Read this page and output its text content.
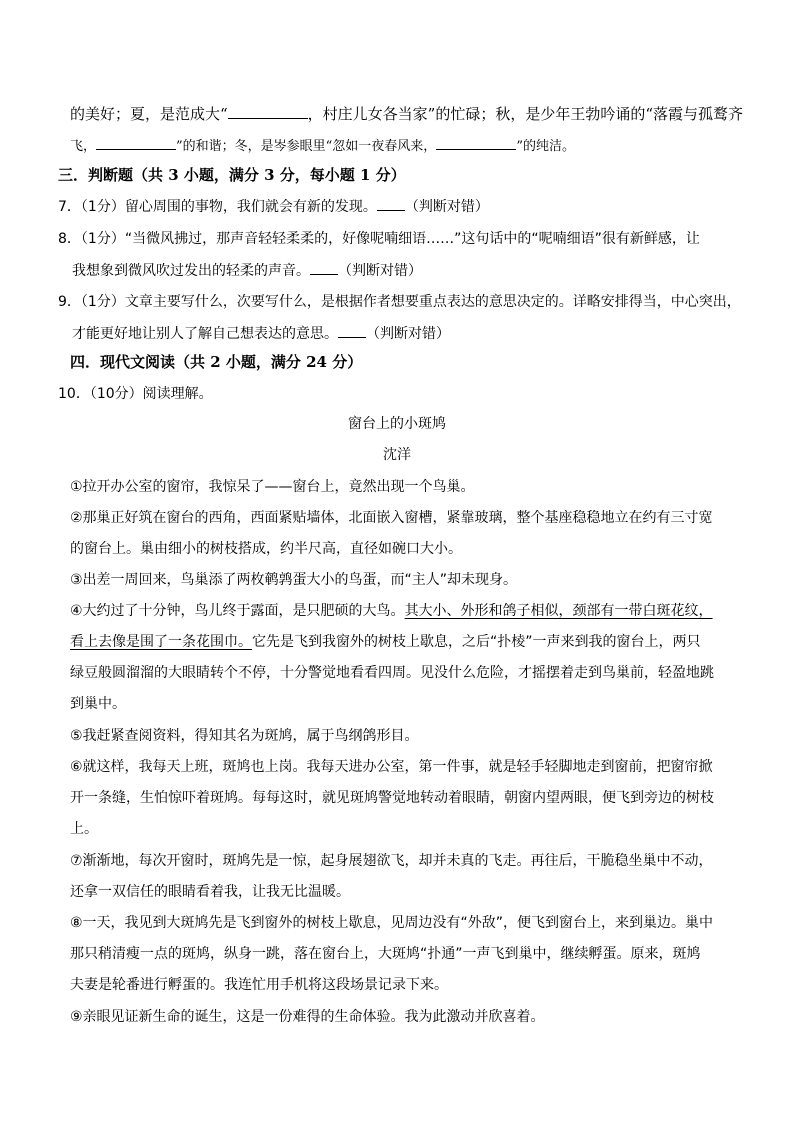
的美好；夏，是范成大“	，村庄儿女各当家”的忙碌；秋，是少年王勃吟诵的“落霞与孤鹜齐
飞，	”的和谐；冬，是岑参眼里“忽如一夜春风来，	”的纯洁。
三．判断题（共 3 小题，满分 3 分，每小题 1 分）
7．（1分）留心周围的事物，我们就会有新的发现。 （判断对错）
8．（1分）“当微风拂过，那声音轻轻柔柔的，好像呢喃细语……”这句话中的“呢喃细语”很有新鲜感，让
我想象到微风吹过发出的轻柔的声音。 （判断对错）
9．（1分）文章主要写什么，次要写什么，是根据作者想要重点表达的意思决定的。详略安排得当，中心突出，
才能更好地让别人了解自己想表达的意思。 （判断对错）
四．现代文阅读（共 2 小题，满分 24 分）
10．（10分）阅读理解。
窗台上的小斑鸠
沈洋
①拉开办公室的窗帘，我惊呆了——窗台上，竟然出现一个鸟巢。
②那巢正好筑在窗台的西角，西面紧贴墙体，北面嵌入窗槽，紧靠玻璃，整个基座稳稳地立在约有三寸宽
的窗台上。巢由细小的树枝搭成，约半尺高，直径如碗口大小。
③出差一周回来，鸟巢添了两枚鹌鹑蛋大小的鸟蛋，而“主人”却未现身。
④大约过了十分钟，鸟儿终于露面，是只肥硕的大鸟。其大小、外形和鸽子相似，颈部有一带白斑花纹，
看上去像是围了一条花围巾。它先是飞到我窗外的树枝上歇息，之后“扑棱”一声来到我的窗台上，两只
绿豆般圆溜溜的大眼睛转个不停，十分警觉地看看四周。见没什么危险，才摇摆着走到鸟巢前，轻盈地跳
到巢中。
⑤我赶紧查阅资料，得知其名为斑鸠，属于鸟纲鸽形目。
⑥就这样，我每天上班，斑鸠也上岗。我每天进办公室，第一件事，就是轻手轻脚地走到窗前，把窗帘掀
开一条缝，生怕惊吓着斑鸠。每每这时，就见斑鸠警觉地转动着眼睛，朝窗内望两眼，便飞到旁边的树枝
上。
⑦渐渐地，每次开窗时，斑鸠先是一惊，起身展翅欲飞，却并未真的飞走。再往后，干脆稳坐巢中不动，
还拿一双信任的眼睛看着我，让我无比温暖。
⑧一天，我见到大斑鸠先是飞到窗外的树枝上歇息，见周边没有“外敌”，便飞到窗台上，来到巢边。巢中
那只稍清瘦一点的斑鸠，纵身一跳，落在窗台上，大斑鸠“扑通”一声飞到巢中，继续孵蛋。原来，斑鸠
夫妻是轮番进行孵蛋的。我连忙用手机将这段场景记录下来。
⑨亲眼见证新生命的诞生，这是一份难得的生命体验。我为此激动并欣喜着。
